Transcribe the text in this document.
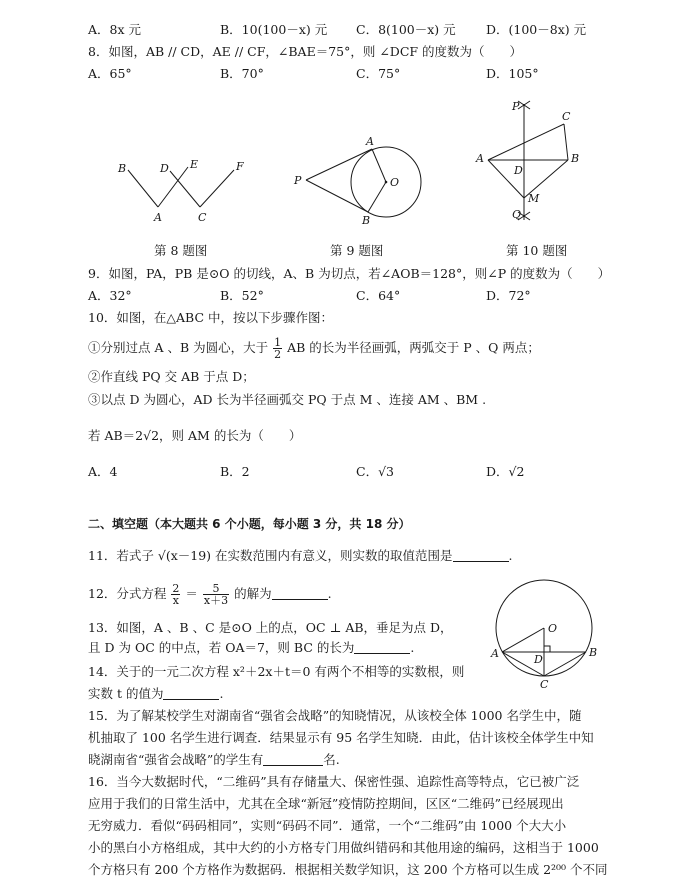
A．8x 元	B．10(100－x) 元 C．8(100－x) 元 D．(100－8x) 元
8．如图，AB // CD，AE // CF，∠BAE＝75°，则 ∠DCF 的度数为（　　）
A．65°	B．70°	C．75°	D．105°
B	D E	F
A	C
第 8 题图
P
A
B
O
第 9 题图
P
C
A	B
D
M
Q
第 10 题图
9．如图，PA，PB 是⊙O 的切线，A、B 为切点，若∠AOB＝128°，则∠P 的度数为（　　）
A．32°	B．52°	C．64°	D．72°
10．如图，在△ABC 中，按以下步骤作图：
①分别过点 A 、B 为圆心，大于 $\frac{1}{2}$ AB 的长为半径画弧，两弧交于 P 、Q 两点；
②作直线 PQ 交 AB 于点 D；
③以点 D 为圆心，AD 长为半径画弧交 PQ 于点 M 、连接 AM 、BM .
若 AB＝2√2，则 AM 的长为（　　）
A．4	B．2	C．√3	D．√2
二、填空题（本大题共 6 个小题，每小题 3 分，共 18 分）
11．若式子 √(x－19) 在实数范围内有意义，则实数的取值范围是	.
12．分式方程 $\frac{2}{x} = \frac{5}{x+3}$ 的解为	.
13．如图，A 、B 、C 是⊙O 上的点，OC ⊥ AB，垂足为点 D，
且 D 为 OC 的中点，若 OA＝7，则 BC 的长为	.
O
A	D
B
C
14．关于的一元二次方程 x²＋2x＋t＝0 有两个不相等的实数根，则
实数 t 的值为	.
15．为了解某校学生对湖南省“强省会战略”的知晓情况，从该校全体 1000 名学生中，随
机抽取了 100 名学生进行调查．结果显示有 95 名学生知晓．由此，估计该校全体学生中知
晓湖南省“强省会战略”的学生有	名.
16．当今大数据时代，“二维码”具有存储量大、保密性强、追踪性高等特点，它已被广泛
应用于我们的日常生活中，尤其在全球“新冠”疫情防控期间，区区“二维码”已经展现出
无穷威力．看似“码码相同”，实则“码码不同”．通常，一个“二维码”由 1000 个大大小
小的黑白小方格组成，其中大约的小方格专门用做纠错码和其他用途的编码，这相当于 1000
个方格只有 200 个方格作为数据码．根据相关数学知识，这 200 个方格可以生成 2²⁰⁰ 个不同
